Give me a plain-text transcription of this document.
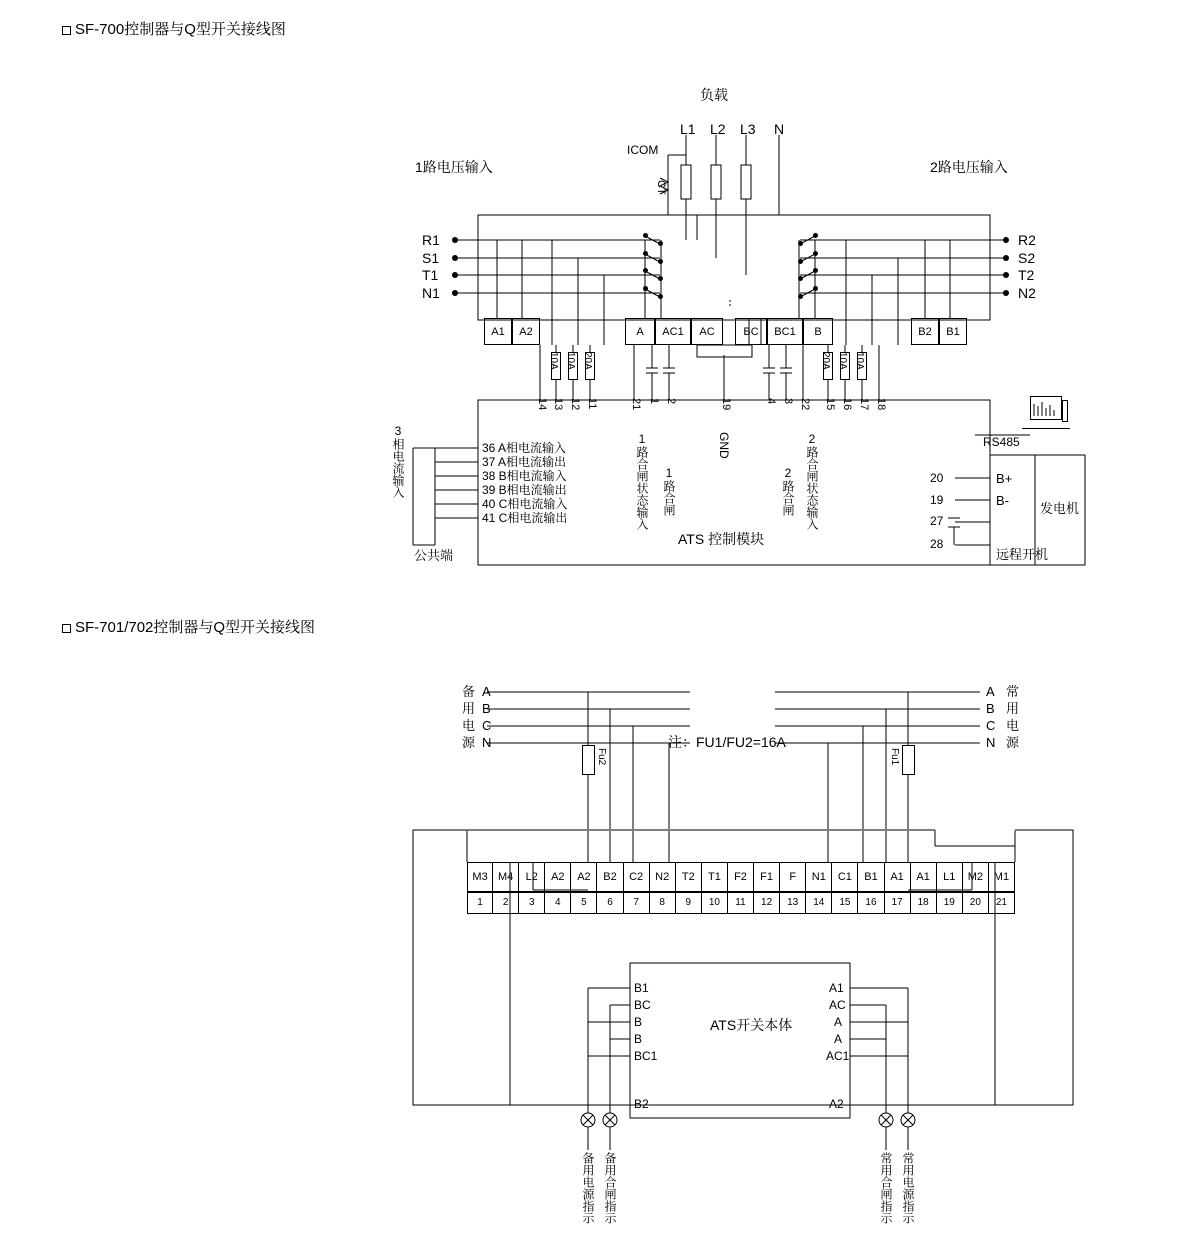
SF-700控制器与Q型开关接线图
负载
1路电压输入	2路电压输入
ICOM
L1 L2 L3 N
CT
R1
S1
T1
N1
R2
S2
T2
N2
A1 A2	A AC1 AC	BC BC1 B	B2 B1
10A 10A 20A	20A 10A 10A
14 13 12 11	21 1 2	19	4 3 22 15 16 17 18
1路合闸状态输入 1路合闸
GND
2路合闸 2路合闸状态输入
ATS 控制模块
36 A相电流输入
37 A相电流输出
38 B相电流输入
39 B相电流输出
40 C相电流输入
41 C相电流输出
3相电流输入
公共端
RS485
20
19
27
28
B+
B-
发电机
远程开机
SF-701/702控制器与Q型开关接线图
备
用
电
源
A
B
C
N
A
B
C
N
常
用
电
源
Fu2	Fu1
注：FU1/FU2=16A
M3 M4	L2	A2	A2	B2	C2	N2	T2	T1	F2	F1	F	N1	C1	B1	A1	A1	L1	M2 M1
1	2	3	4	5	6	7	8	9	10	11	12	13	14	15	16	17	18	19	20	21
ATS开关本体
B1
BC
B
B
BC1
B2
A1
AC
A
A
AC1
A2
备用电源指示 备用合闸指示	常用合闸指示 常用电源指示
